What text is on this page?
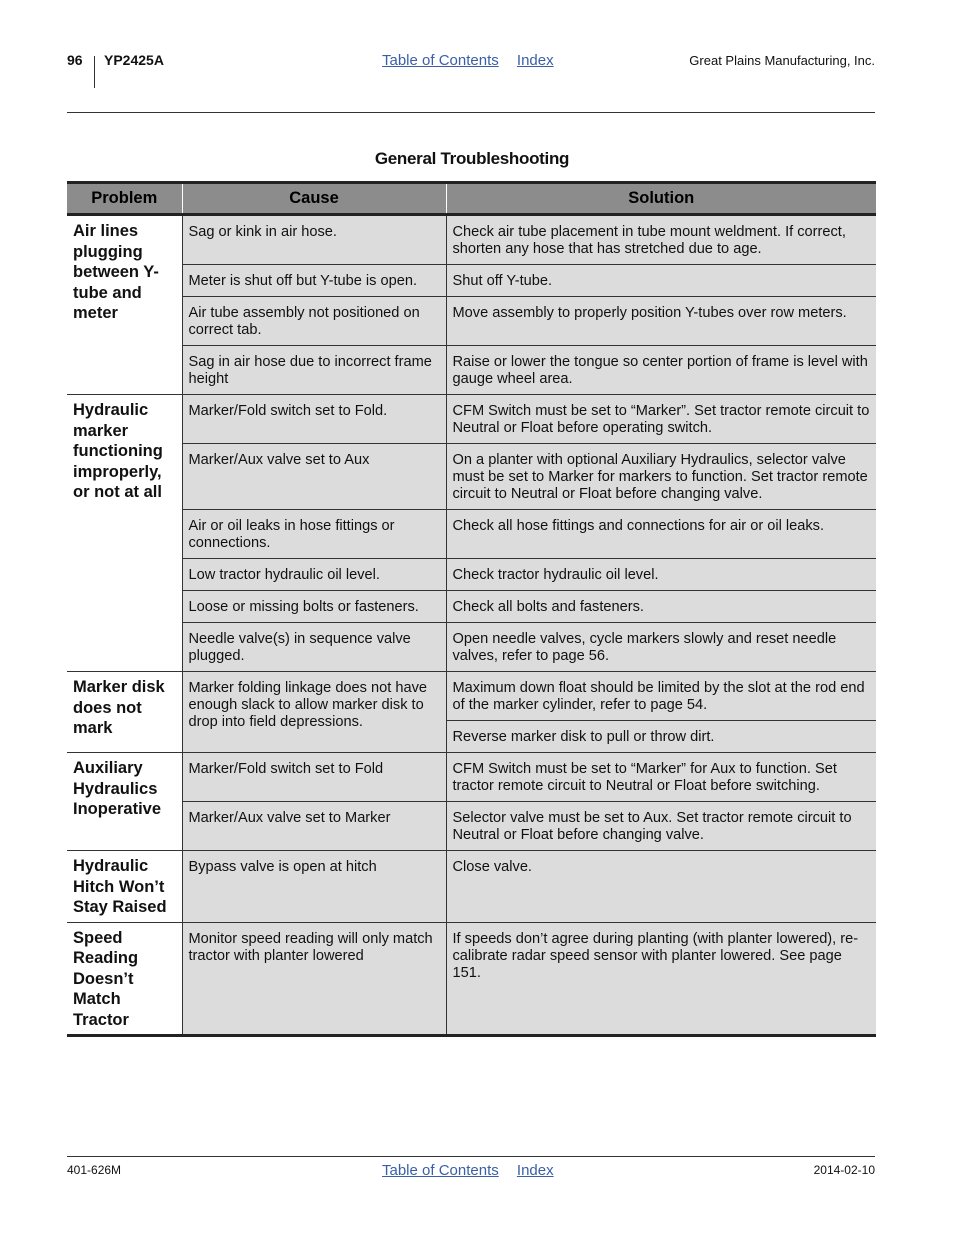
96 YP2425A	Table of Contents Index	Great Plains Manufacturing, Inc.
General Troubleshooting
Problem	Cause	Solution
Air lines plugging between Y-tube and meter	Sag or kink in air hose.	Check air tube placement in tube mount weldment. If correct, shorten any hose that has stretched due to age.
	Meter is shut off but Y-tube is open.	Shut off Y-tube.
	Air tube assembly not positioned on correct tab.	Move assembly to properly position Y-tubes over row meters.
	Sag in air hose due to incorrect frame height	Raise or lower the tongue so center portion of frame is level with gauge wheel area.
Hydraulic marker functioning improperly, or not at all	Marker/Fold switch set to Fold.	CFM Switch must be set to “Marker”. Set tractor remote circuit to Neutral or Float before operating switch.
	Marker/Aux valve set to Aux	On a planter with optional Auxiliary Hydraulics, selector valve must be set to Marker for markers to function. Set tractor remote circuit to Neutral or Float before changing valve.
	Air or oil leaks in hose fittings or connections.	Check all hose fittings and connections for air or oil leaks.
	Low tractor hydraulic oil level.	Check tractor hydraulic oil level.
	Loose or missing bolts or fasteners.	Check all bolts and fasteners.
	Needle valve(s) in sequence valve plugged.	Open needle valves, cycle markers slowly and reset needle valves, refer to page 56.
Marker disk does not mark	Marker folding linkage does not have enough slack to allow marker disk to drop into field depressions.	Maximum down float should be limited by the slot at the rod end of the marker cylinder, refer to page 54.
		Reverse marker disk to pull or throw dirt.
Auxiliary Hydraulics Inoperative	Marker/Fold switch set to Fold	CFM Switch must be set to “Marker” for Aux to function. Set tractor remote circuit to Neutral or Float before switching.
	Marker/Aux valve set to Marker	Selector valve must be set to Aux. Set tractor remote circuit to Neutral or Float before changing valve.
Hydraulic Hitch Won’t Stay Raised	Bypass valve is open at hitch	Close valve.
Speed Reading Doesn’t Match Tractor	Monitor speed reading will only match tractor with planter lowered	If speeds don’t agree during planting (with planter lowered), re-calibrate radar speed sensor with planter lowered. See page 151.
401-626M	Table of Contents Index	2014-02-10
